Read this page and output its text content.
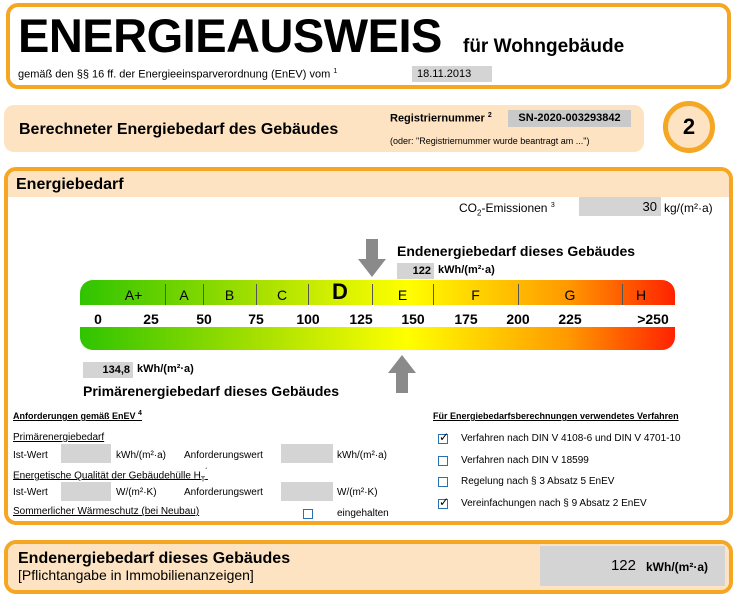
ENERGIEAUSWEIS für Wohngebäude
gemäß den §§ 16 ff. der Energieeinsparverordnung (EnEV) vom $^1$	18.11.2013
Berechneter Energiebedarf des Gebäudes
Registriernummer $^2$	SN-2020-003293842
(oder: "Registriernummer wurde beantragt am ...")
2
Energiebedarf
$CO_2$-Emissionen $^3$	30 kg/(m²·a)
Endenergiebedarf dieses Gebäudes
122 kWh/(m²·a)
A+	A	B	C	D	E	F	G	H
0	25	50	75	100	125	150	175	200	225	>250
134,8 kWh/(m²·a)
Primärenergiebedarf dieses Gebäudes
Anforderungen gemäß EnEV $^4$
Primärenergiebedarf
Ist-Wert	kWh/(m²·a) Anforderungswert	kWh/(m²·a)
Energetische Qualität der Gebäudehülle $H_T^´$
Ist-Wert	W/(m²·K)	Anforderungswert	W/(m²·K)
Sommerlicher Wärmeschutz (bei Neubau)	eingehalten
Für Energiebedarfsberechnungen verwendetes Verfahren
✓ Verfahren nach DIN V 4108-6 und DIN V 4701-10
Verfahren nach DIN V 18599
Regelung nach § 3 Absatz 5 EnEV
✓ Vereinfachungen nach § 9 Absatz 2 EnEV
Endenergiebedarf dieses Gebäudes
[Pflichtangabe in Immobilienanzeigen]
122 kWh/(m²·a)
